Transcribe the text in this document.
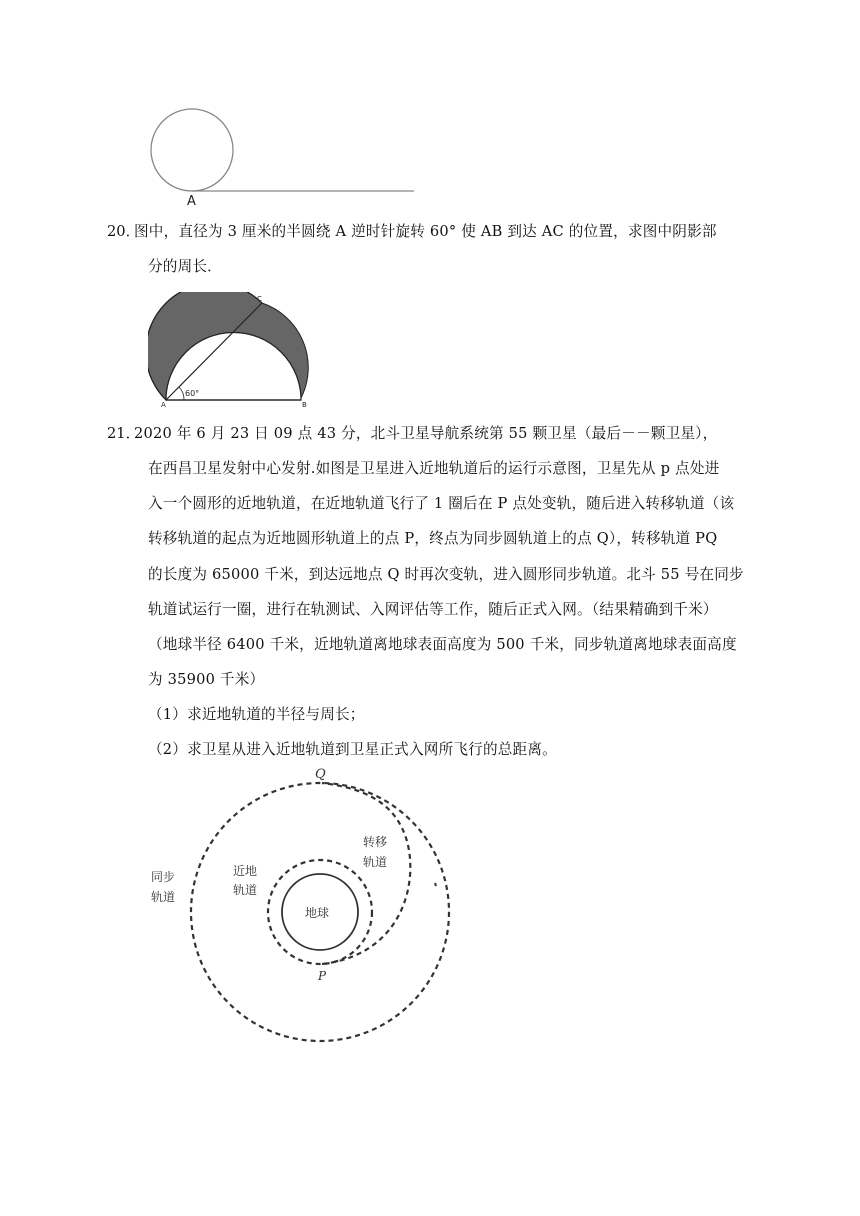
A
20．
图中，直径为 3 厘米的半圆绕 A 逆时针旋转 60° 使 AB 到达 AC 的位置，求图中阴影部
分的周长．
60°
A	B
C
21．
2020 年 6 月 23 日 09 点 43 分，北斗卫星导航系统第 55 颗卫星（最后－－颗卫星），
在西昌卫星发射中心发射.如图是卫星进入近地轨道后的运行示意图，卫星先从 p 点处进
入一个圆形的近地轨道，在近地轨道飞行了 1 圈后在 P 点处变轨，随后进入转移轨道（该
转移轨道的起点为近地圆形轨道上的点 P，终点为同步圆轨道上的点 Q），转移轨道 PQ
的长度为 65000 千米，到达远地点 Q 时再次变轨，进入圆形同步轨道。北斗 55 号在同步
轨道试运行一圈，进行在轨测试、入网评估等工作，随后正式入网。（结果精确到千米）
（地球半径 6400 千米，近地轨道离地球表面高度为 500 千米，同步轨道离地球表面高度
为 35900 千米）
（1）求近地轨道的半径与周长；
（2）求卫星从进入近地轨道到卫星正式入网所飞行的总距离。
Q
P
地球
近地
轨道
同步
轨道
转移
轨道
